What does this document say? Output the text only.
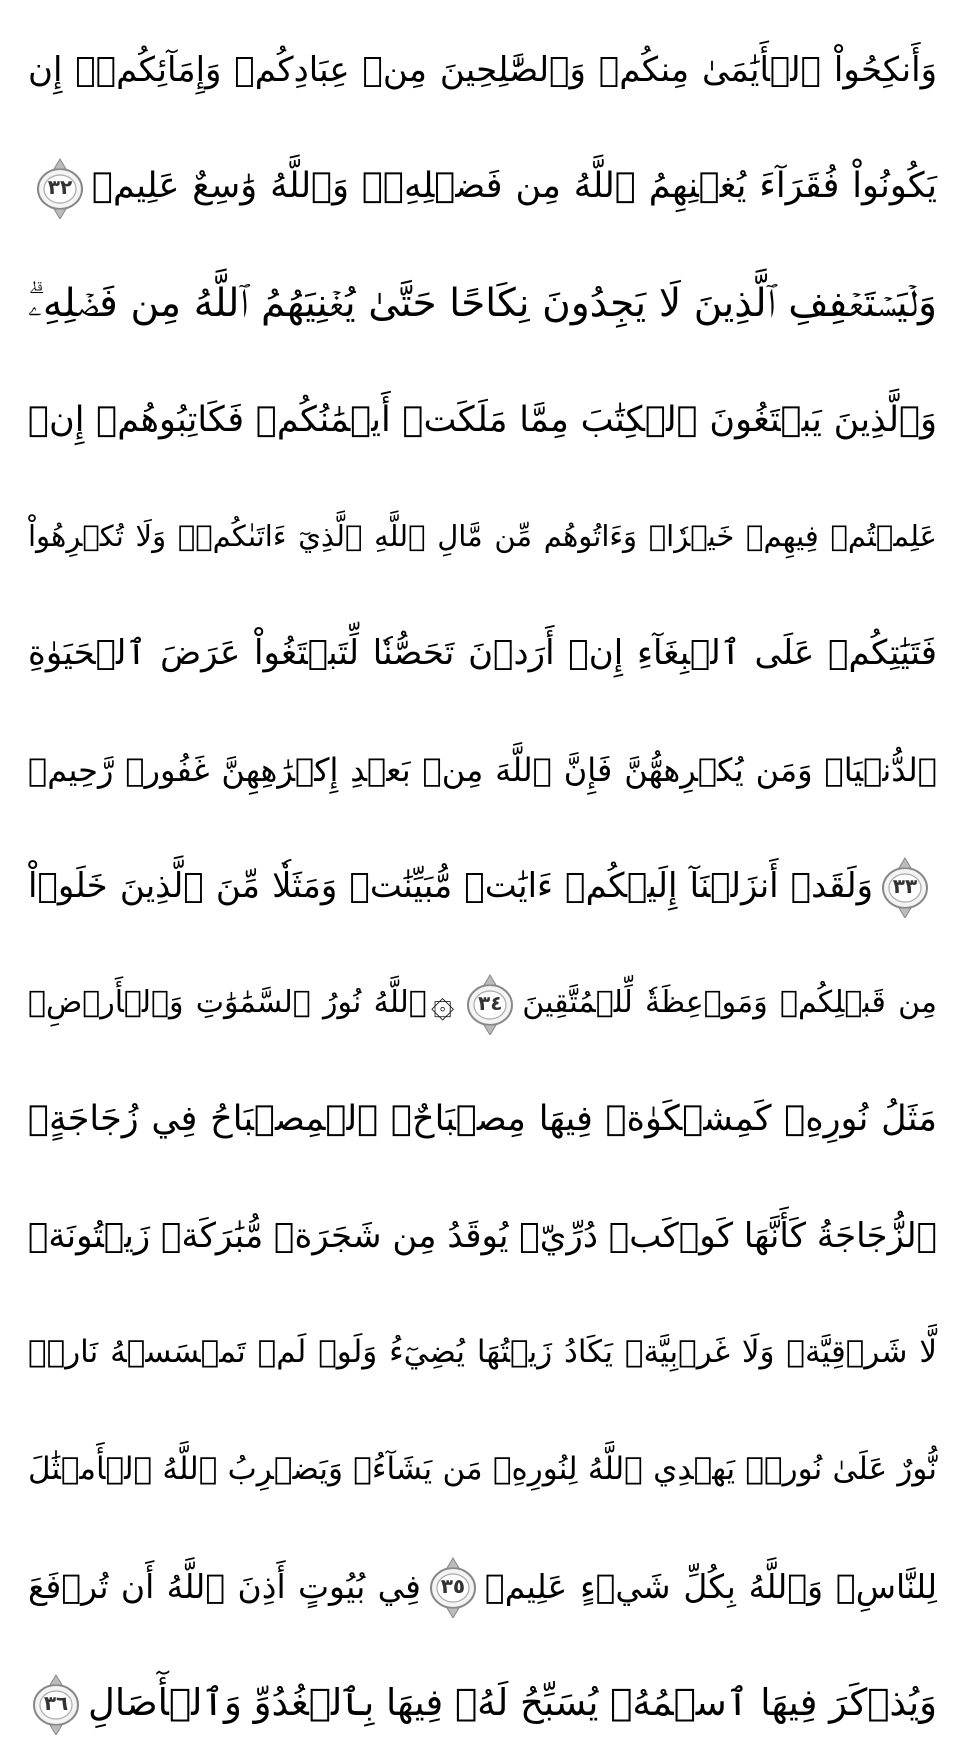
وَأَنكِحُواْ ٱلۡأَيَٰمَىٰ مِنكُمۡ وَٱلصَّٰلِحِينَ مِنۡ عِبَادِكُمۡ وَإِمَآئِكُمۡۚ إِن
يَكُونُواْ فُقَرَآءَ يُغۡنِهِمُ ٱللَّهُ مِن فَضۡلِهِۦۗ وَٱللَّهُ وَٰسِعٌ عَلِيمٞ
٣٢
وَلۡيَسۡتَعۡفِفِ ٱلَّذِينَ لَا يَجِدُونَ نِكَاحًا حَتَّىٰ يُغۡنِيَهُمُ ٱللَّهُ مِن فَضۡلِهِۦۗ
وَٱلَّذِينَ يَبۡتَغُونَ ٱلۡكِتَٰبَ مِمَّا مَلَكَتۡ أَيۡمَٰنُكُمۡ فَكَاتِبُوهُمۡ إِنۡ
عَلِمۡتُمۡ فِيهِمۡ خَيۡرٗاۖ وَءَاتُوهُم مِّن مَّالِ ٱللَّهِ ٱلَّذِيٓ ءَاتَىٰكُمۡۚ وَلَا تُكۡرِهُواْ
فَتَيَٰتِكُمۡ عَلَى ٱلۡبِغَآءِ إِنۡ أَرَدۡنَ تَحَصُّنٗا لِّتَبۡتَغُواْ عَرَضَ ٱلۡحَيَوٰةِ
ٱلدُّنۡيَاۚ وَمَن يُكۡرِههُّنَّ فَإِنَّ ٱللَّهَ مِنۢ بَعۡدِ إِكۡرَٰهِهِنَّ غَفُورٞ رَّحِيمٞ
٣٣
وَلَقَدۡ أَنزَلۡنَآ إِلَيۡكُمۡ ءَايَٰتٖ مُّبَيِّنَٰتٖ وَمَثَلٗا مِّنَ ٱلَّذِينَ خَلَوۡاْ
مِن قَبۡلِكُمۡ وَمَوۡعِظَةٗ لِّلۡمُتَّقِينَ
٣٤
۞
ٱللَّهُ نُورُ ٱلسَّمَٰوَٰتِ وَٱلۡأَرۡضِۚ
مَثَلُ نُورِهِۦ كَمِشۡكَوٰةٖ فِيهَا مِصۡبَاحٌۖ ٱلۡمِصۡبَاحُ فِي زُجَاجَةٍۖ
ٱلزُّجَاجَةُ كَأَنَّهَا كَوۡكَبٞ دُرِّيّٞ يُوقَدُ مِن شَجَرَةٖ مُّبَٰرَكَةٖ زَيۡتُونَةٖ
لَّا شَرۡقِيَّةٖ وَلَا غَرۡبِيَّةٖ يَكَادُ زَيۡتُهَا يُضِيٓءُ وَلَوۡ لَمۡ تَمۡسَسۡهُ نَارٞۚ
نُّورٌ عَلَىٰ نُورٖۚ يَهۡدِي ٱللَّهُ لِنُورِهِۦ مَن يَشَآءُۚ وَيَضۡرِبُ ٱللَّهُ ٱلۡأَمۡثَٰلَ
لِلنَّاسِۗ وَٱللَّهُ بِكُلِّ شَيۡءٍ عَلِيمٞ
٣٥
فِي بُيُوتٍ أَذِنَ ٱللَّهُ أَن تُرۡفَعَ
وَيُذۡكَرَ فِيهَا ٱسۡمُهُۥ يُسَبِّحُ لَهُۥ فِيهَا بِٱلۡغُدُوِّ وَٱلۡأٓصَالِ
٣٦
